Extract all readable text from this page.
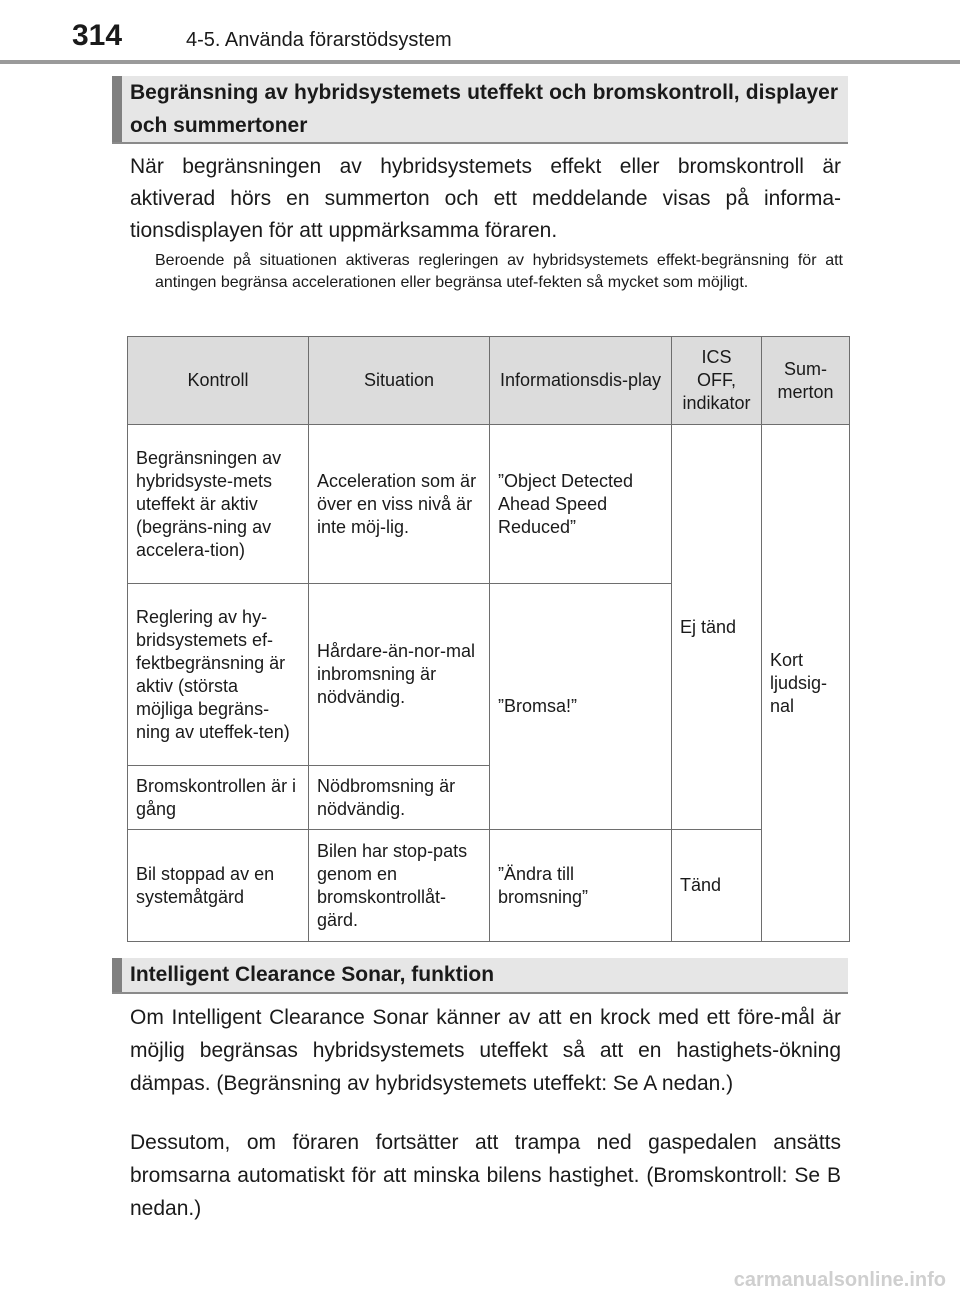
314	4-5. Använda förarstödsystem
Begränsning av hybridsystemets uteffekt och bromskontroll, displayer och summertoner
När begränsningen av hybridsystemets effekt eller bromskontroll är aktiverad hörs en summerton och ett meddelande visas på informa-tionsdisplayen för att uppmärksamma föraren.
Beroende på situationen aktiveras regleringen av hybridsystemets effekt-begränsning för att antingen begränsa accelerationen eller begränsa utef-fekten så mycket som möjligt.
Kontroll	Situation	Informationsdis-play	ICS OFF, indikator	Sum-merton
Begränsningen av hybridsyste-mets uteffekt är aktiv (begräns-ning av accelera-tion)	Acceleration som är över en viss nivå är inte möj-lig.	”Object Detected Ahead Speed Reduced”	Ej tänd	Kort ljudsig-nal
Reglering av hy-bridsystemets ef-fektbegränsning är aktiv (största möjliga begräns-ning av uteffek-ten)	Hårdare-än-nor-mal inbromsning är nödvändig.	”Bromsa!”		
Bromskontrollen är i gång	Nödbromsning är nödvändig.			
Bil stoppad av en systemåtgärd	Bilen har stop-pats genom en bromskontrollåt-gärd.	”Ändra till bromsning”	Tänd	
Intelligent Clearance Sonar, funktion
Om Intelligent Clearance Sonar känner av att en krock med ett före-mål är möjlig begränsas hybridsystemets uteffekt så att en hastighets-ökning dämpas. (Begränsning av hybridsystemets uteffekt: Se A nedan.)
Dessutom, om föraren fortsätter att trampa ned gaspedalen ansätts bromsarna automatiskt för att minska bilens hastighet. (Bromskontroll: Se B nedan.)
carmanualsonline.info
